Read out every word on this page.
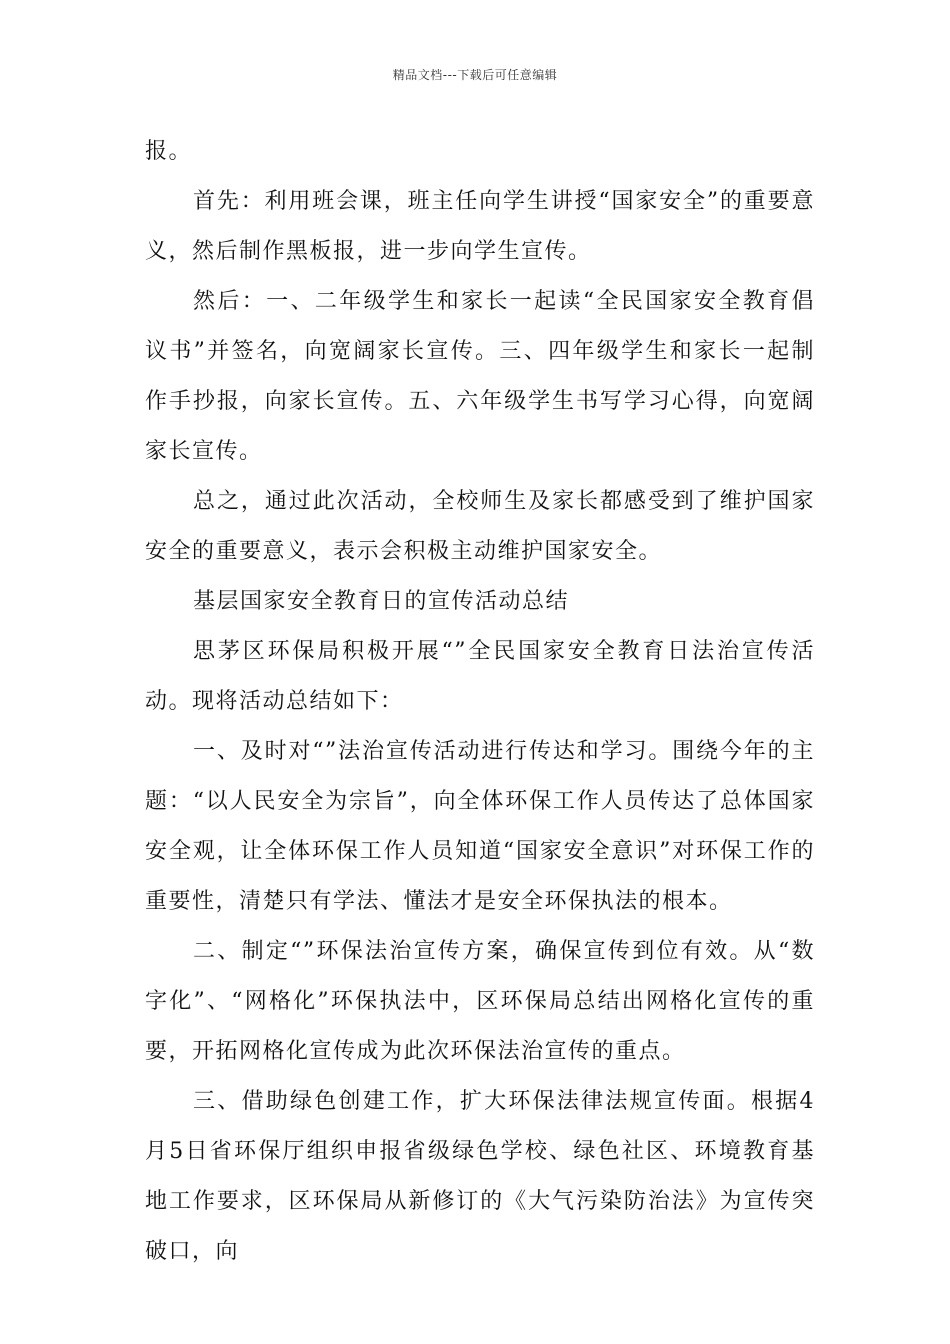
精品文档---下载后可任意编辑

报。

首先：利用班会课，班主任向学生讲授“国家安全”的重要意义，然后制作黑板报，进一步向学生宣传。

然后：一、二年级学生和家长一起读“全民国家安全教育倡议书”并签名，向宽阔家长宣传。三、四年级学生和家长一起制作手抄报，向家长宣传。五、六年级学生书写学习心得，向宽阔家长宣传。

总之，通过此次活动，全校师生及家长都感受到了维护国家安全的重要意义，表示会积极主动维护国家安全。

基层国家安全教育日的宣传活动总结

思茅区环保局积极开展“”全民国家安全教育日法治宣传活动。现将活动总结如下：

一、及时对“”法治宣传活动进行传达和学习。围绕今年的主题：“以人民安全为宗旨”，向全体环保工作人员传达了总体国家安全观，让全体环保工作人员知道“国家安全意识”对环保工作的重要性，清楚只有学法、懂法才是安全环保执法的根本。

二、制定“”环保法治宣传方案，确保宣传到位有效。从“数字化”、“网格化”环保执法中，区环保局总结出网格化宣传的重要，开拓网格化宣传成为此次环保法治宣传的重点。

三、借助绿色创建工作，扩大环保法律法规宣传面。根据4月5日省环保厅组织申报省级绿色学校、绿色社区、环境教育基地工作要求，区环保局从新修订的《大气污染防治法》为宣传突破口，向
